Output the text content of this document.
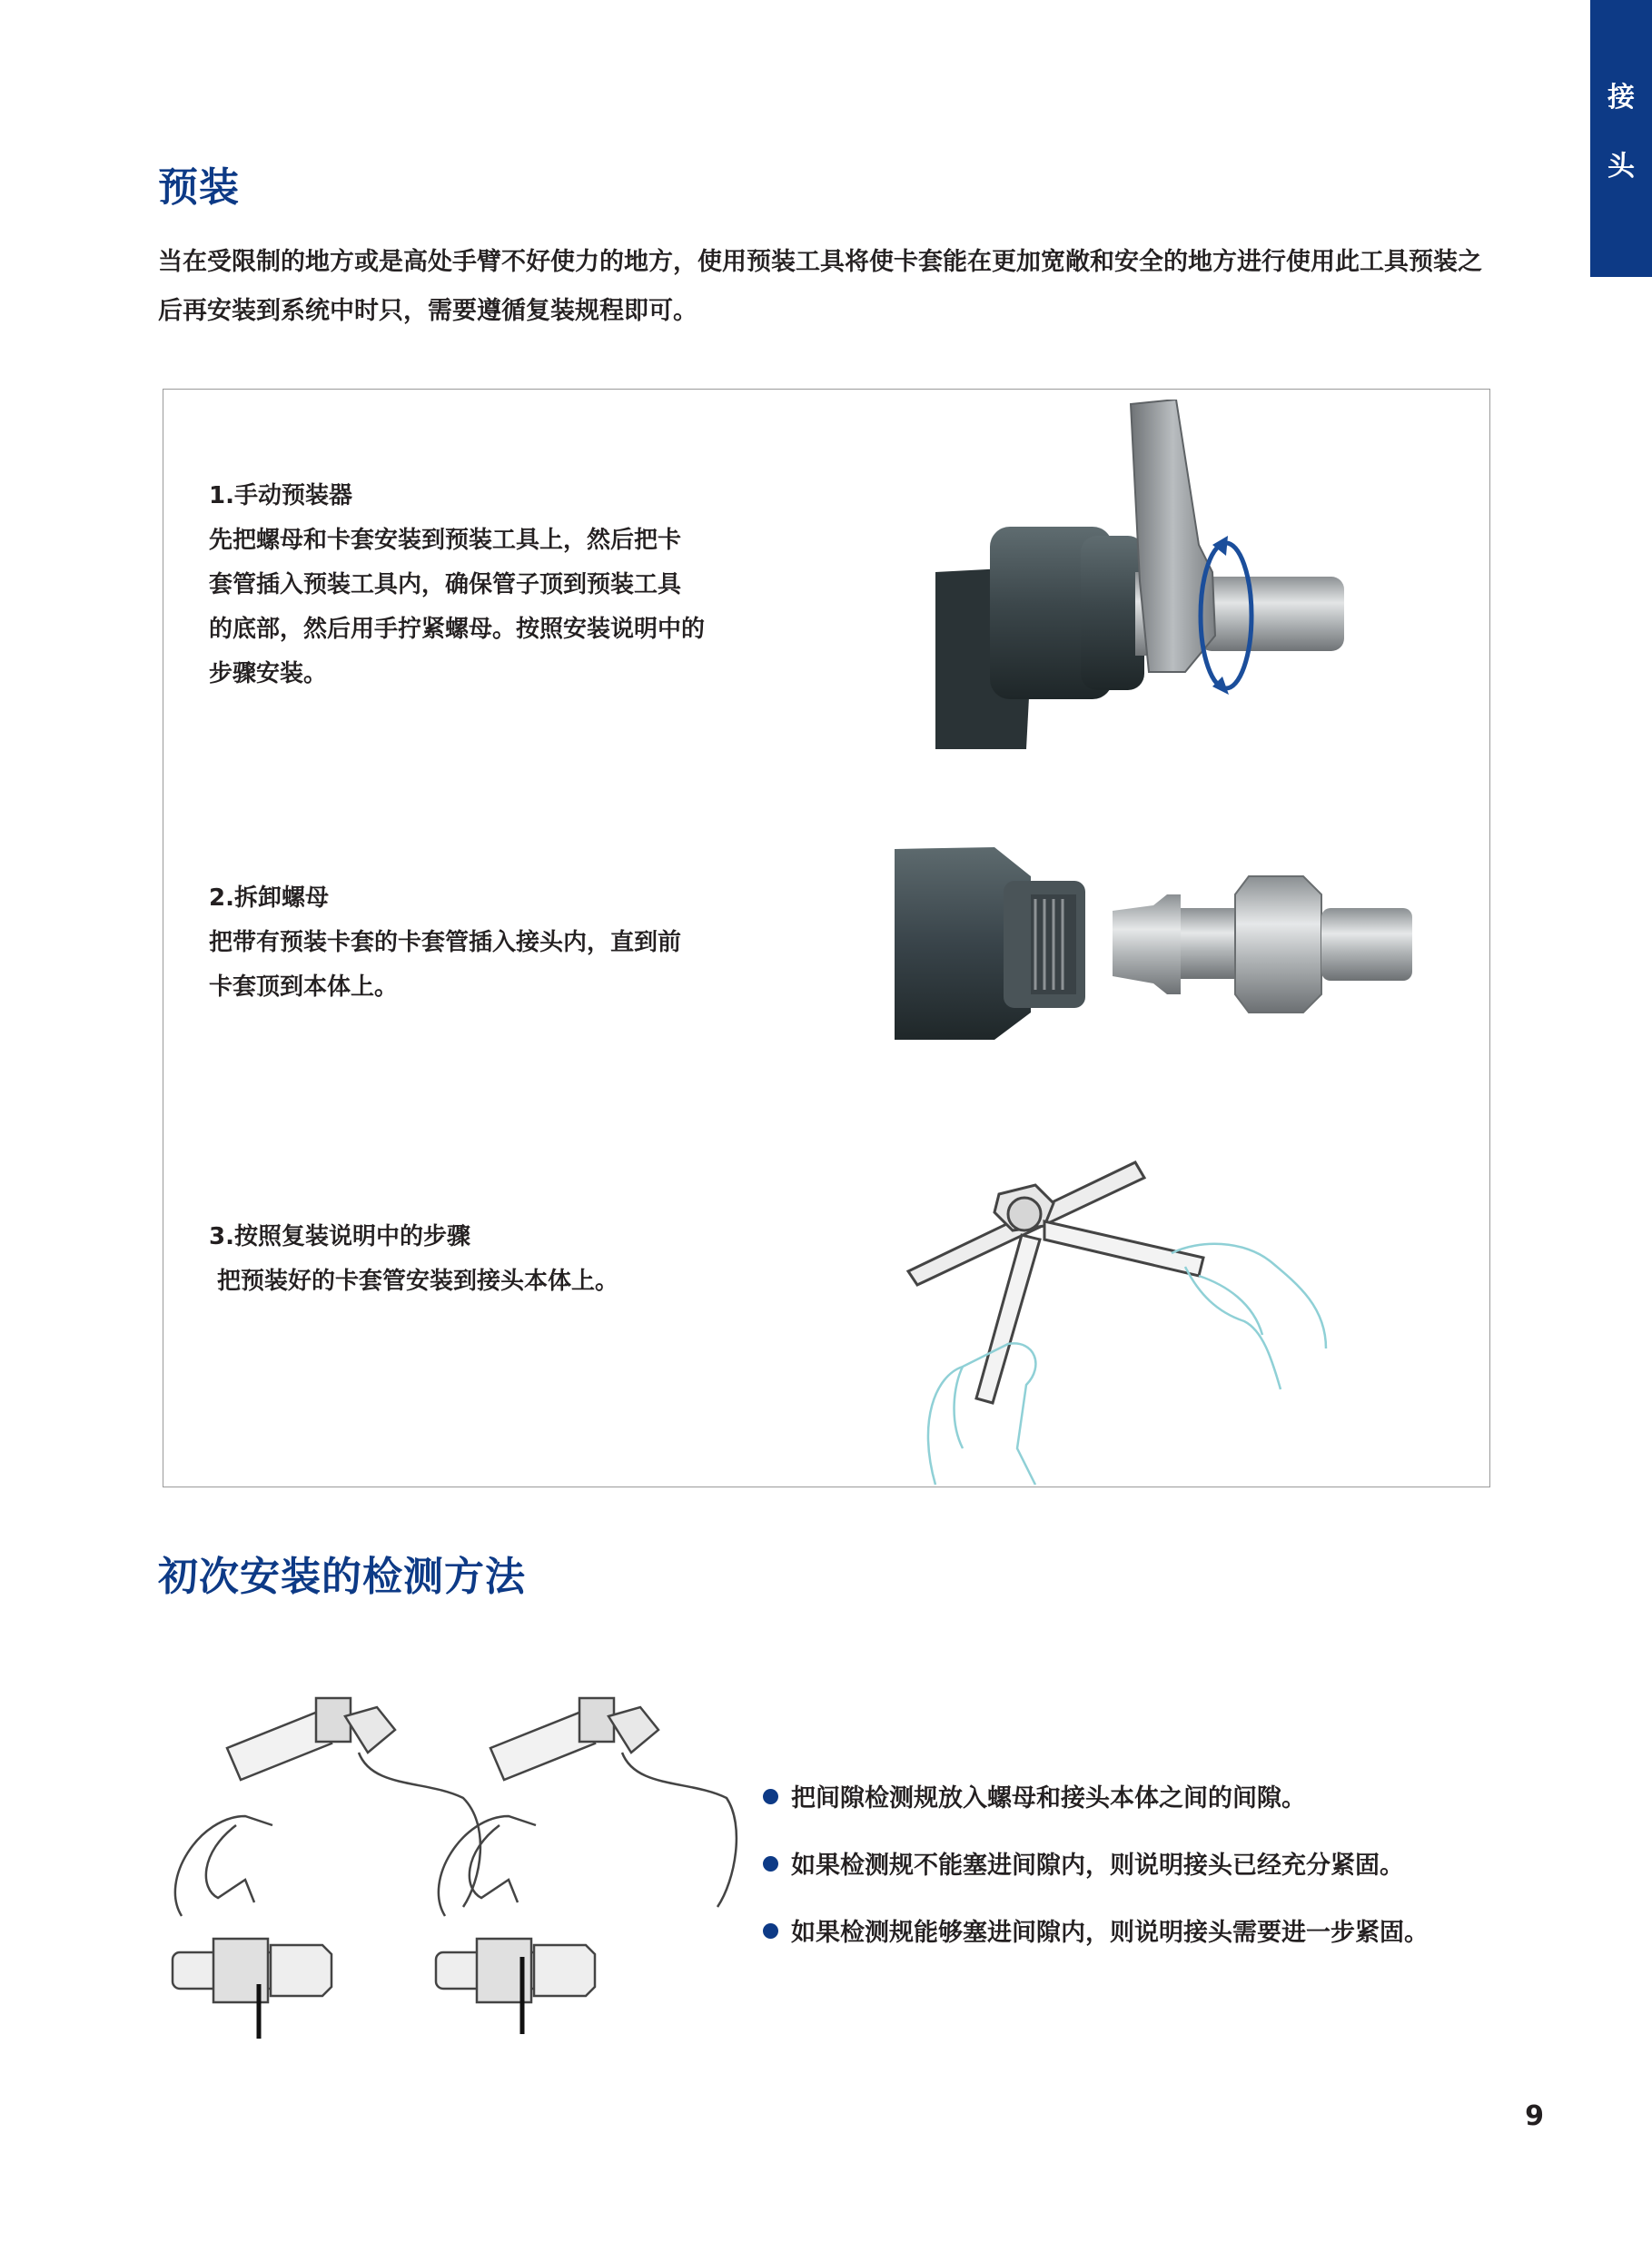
接
头
预装
当在受限制的地方或是高处手臂不好使力的地方，使用预装工具将使卡套能在更加宽敞和安全的地方进行使用此工具预装之后再安装到系统中时只，需要遵循复装规程即可。
1.手动预装器
先把螺母和卡套安装到预装工具上，然后把卡
套管插入预装工具内，确保管子顶到预装工具
的底部，然后用手拧紧螺母。按照安装说明中的
步骤安装。
2.拆卸螺母
把带有预装卡套的卡套管插入接头内，直到前
卡套顶到本体上。
3.按照复装说明中的步骤
把预装好的卡套管安装到接头本体上。
初次安装的检测方法
把间隙检测规放入螺母和接头本体之间的间隙。
如果检测规不能塞进间隙内，则说明接头已经充分紧固。
如果检测规能够塞进间隙内，则说明接头需要进一步紧固。
9
